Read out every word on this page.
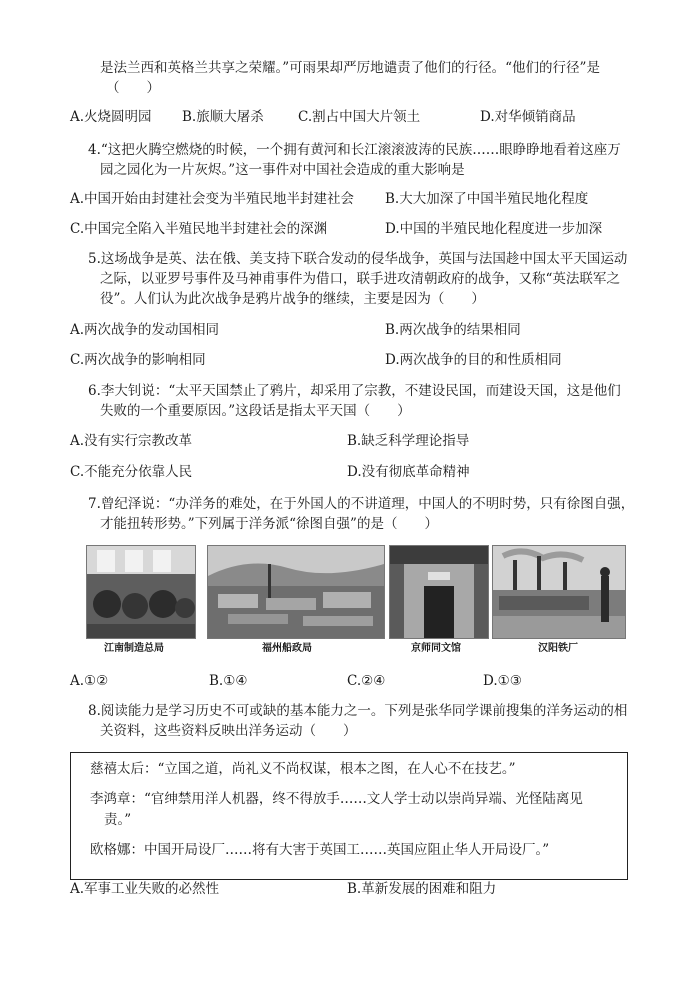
是法兰西和英格兰共享之荣耀。”可雨果却严厉地谴责了他们的行径。“他们的行径”是
（　　）
A.火烧圆明园 B.旅顺大屠杀	C.割占中国大片领土	D.对华倾销商品
4.“这把火腾空燃烧的时候，一个拥有黄河和长江滚滚波涛的民族……眼睁睁地看着这座万
园之园化为一片灰烬。”这一事件对中国社会造成的重大影响是
A.中国开始由封建社会变为半殖民地半封建社会 B.大大加深了中国半殖民地化程度
C.中国完全陷入半殖民地半封建社会的深渊	D.中国的半殖民地化程度进一步加深
5.这场战争是英、法在俄、美支持下联合发动的侵华战争，英国与法国趁中国太平天国运动
之际，以亚罗号事件及马神甫事件为借口，联手进攻清朝政府的战争，又称“英法联军之
役”。人们认为此次战争是鸦片战争的继续，主要是因为（　　）
A.两次战争的发动国相同	B.两次战争的结果相同
C.两次战争的影响相同	D.两次战争的目的和性质相同
6.李大钊说：“太平天国禁止了鸦片，却采用了宗教，不建设民国，而建设天国，这是他们
失败的一个重要原因。”这段话是指太平天国（　　）
A.没有实行宗教改革	B.缺乏科学理论指导
C.不能充分依靠人民	D.没有彻底革命精神
7.曾纪泽说：“办洋务的难处，在于外国人的不讲道理，中国人的不明时势，只有徐图自强，
才能扭转形势。”下列属于洋务派“徐图自强”的是（　　）
江南制造总局	福州船政局	京师同文馆	汉阳铁厂
A.①②	B.①④	C.②④	D.①③
8.阅读能力是学习历史不可或缺的基本能力之一。下列是张华同学课前搜集的洋务运动的相
关资料，这些资料反映出洋务运动（　　）
慈禧太后：“立国之道，尚礼义不尚权谋，根本之图，在人心不在技艺。”
李鸿章：“官绅禁用洋人机器，终不得放手……文人学士动以崇尚异端、光怪陆离见
责。”
欧格娜：中国开局设厂……将有大害于英国工……英国应阻止华人开局设厂。”
A.军事工业失败的必然性	B.革新发展的困难和阻力
